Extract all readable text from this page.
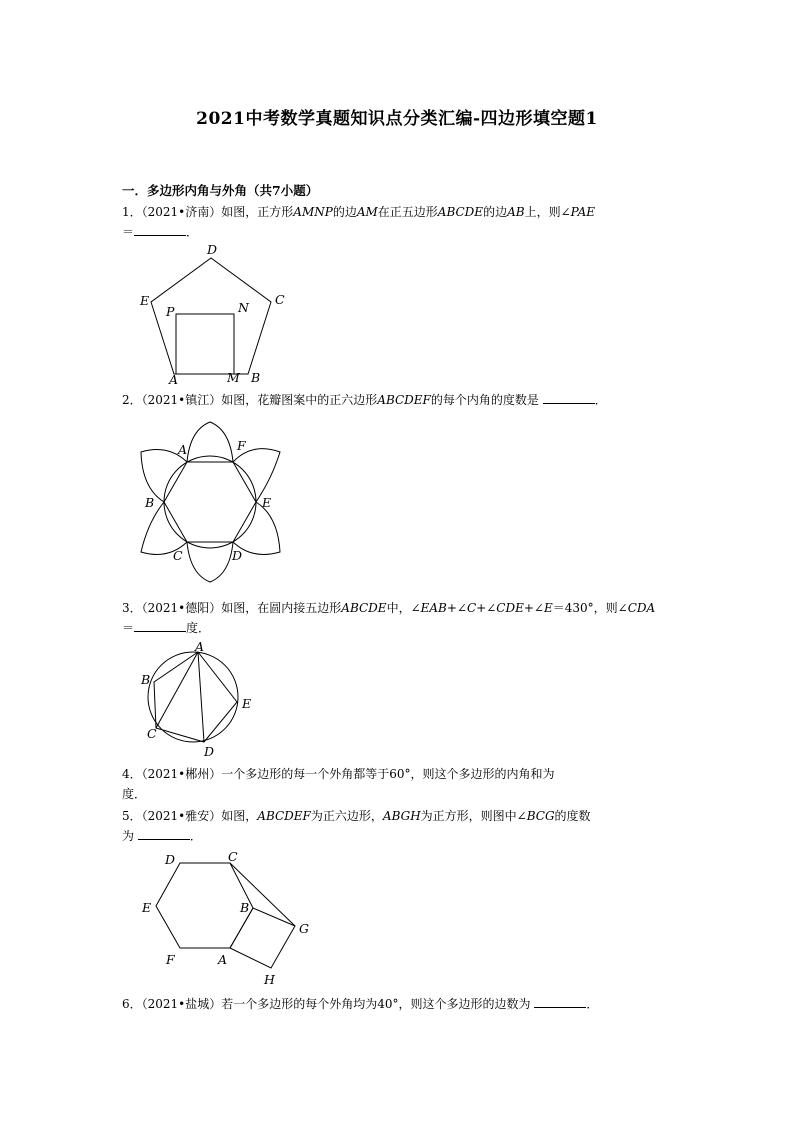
2021中考数学真题知识点分类汇编-四边形填空题1
一．多边形内角与外角（共7小题）
1．（2021•济南）如图，正方形AMNP的边AM在正五边形ABCDE的边AB上，则∠PAE
＝	．
D
E	C
P	N
A	M B
2．（2021•镇江）如图，花瓣图案中的正六边形ABCDEF的每个内角的度数是	．
A	F
B	E
C	D
3．（2021•德阳）如图，在圆内接五边形ABCDE中，∠EAB+∠C+∠CDE+∠E＝430°，则∠CDA
＝	度．
A
B
E
C
D
4．（2021•郴州）一个多边形的每一个外角都等于60°，则这个多边形的内角和为
度．
5．（2021•雅安）如图，ABCDEF为正六边形，ABGH为正方形，则图中∠BCG的度数
为	．
D	C
E	B
G
F	A
H
6．（2021•盐城）若一个多边形的每个外角均为40°，则这个多边形的边数为	．
